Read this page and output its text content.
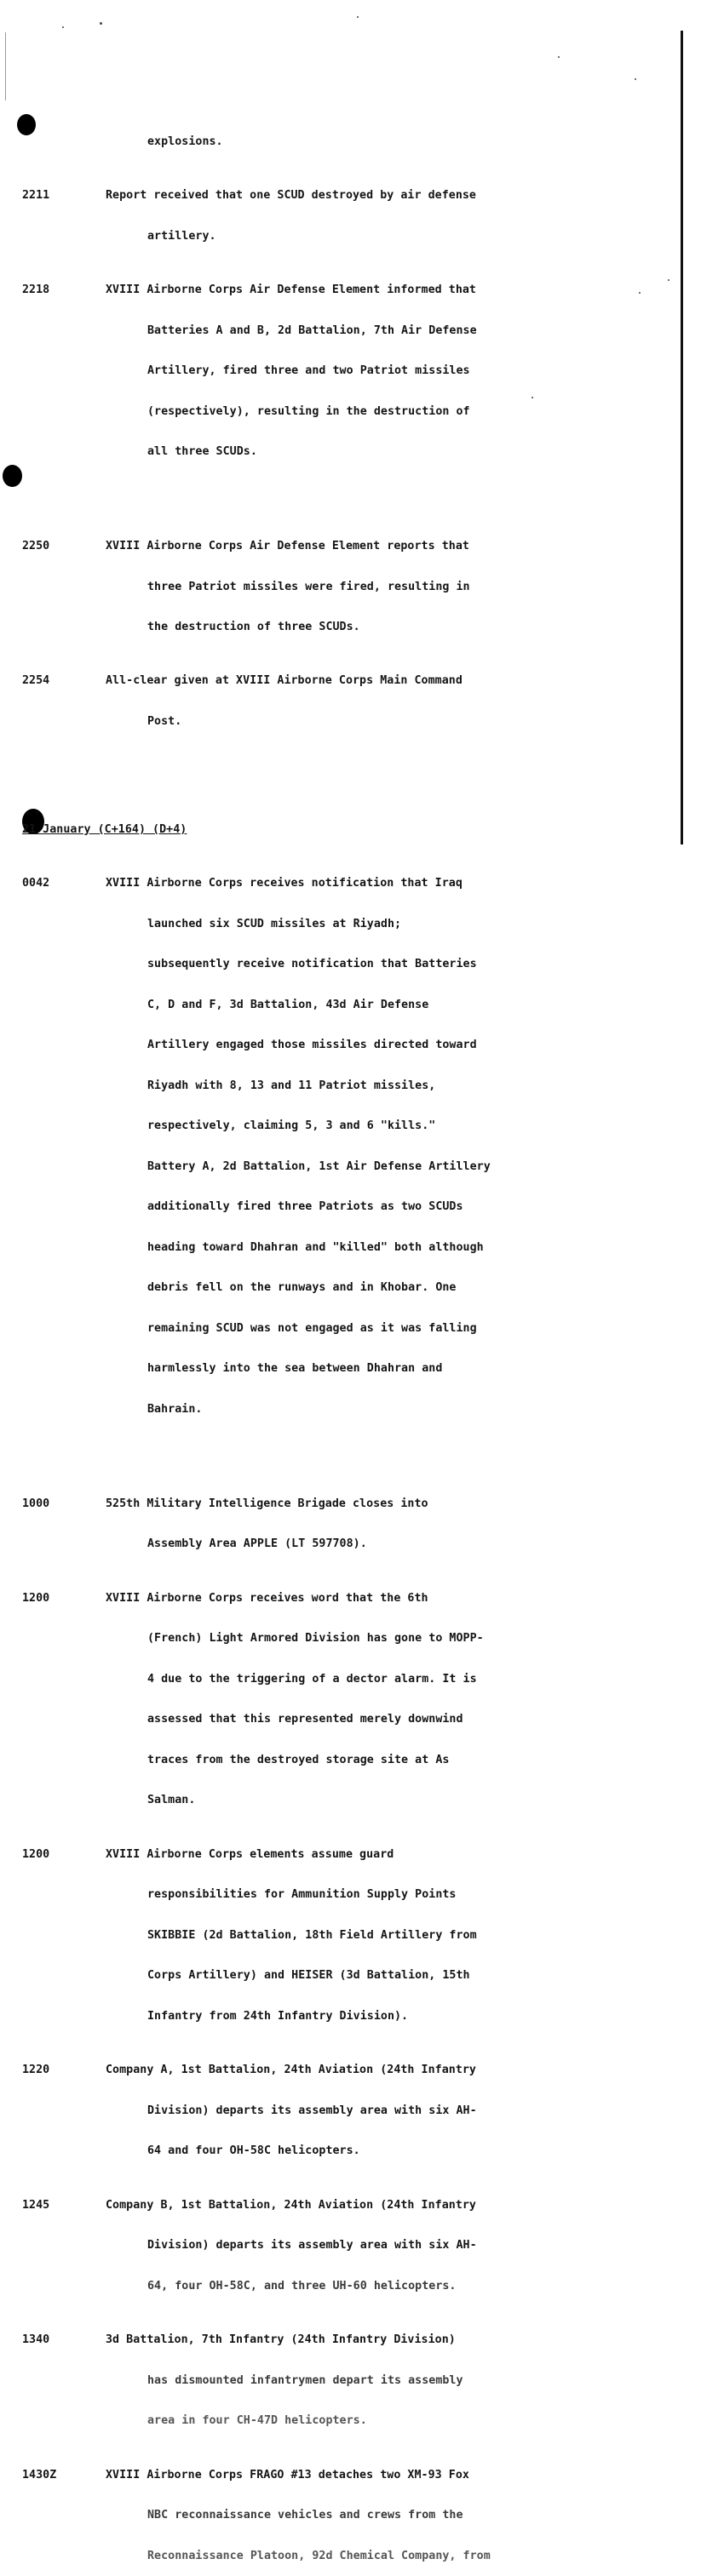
explosions.

2211	Report received that one SCUD destroyed by air defense

artillery.

2218	XVIII Airborne Corps Air Defense Element informed that

Batteries A and B, 2d Battalion, 7th Air Defense

Artillery, fired three and two Patriot missiles

(respectively), resulting in the destruction of

all three SCUDs.

2250	XVIII Airborne Corps Air Defense Element reports that

three Patriot missiles were fired, resulting in

the destruction of three SCUDs.

2254	All-clear given at XVIII Airborne Corps Main Command

Post.

21 January (C+164) (D+4)

0042	XVIII Airborne Corps receives notification that Iraq

launched six SCUD missiles at Riyadh;

subsequently receive notification that Batteries

C, D and F, 3d Battalion, 43d Air Defense

Artillery engaged those missiles directed toward

Riyadh with 8, 13 and 11 Patriot missiles,

respectively, claiming 5, 3 and 6 "kills."

Battery A, 2d Battalion, 1st Air Defense Artillery

additionally fired three Patriots as two SCUDs

heading toward Dhahran and "killed" both although

debris fell on the runways and in Khobar. One

remaining SCUD was not engaged as it was falling

harmlessly into the sea between Dhahran and

Bahrain.

1000	525th Military Intelligence Brigade closes into

Assembly Area APPLE (LT 597708).

1200	XVIII Airborne Corps receives word that the 6th

(French) Light Armored Division has gone to MOPP-

4 due to the triggering of a dector alarm. It is

assessed that this represented merely downwind

traces from the destroyed storage site at As

Salman.

1200	XVIII Airborne Corps elements assume guard

responsibilities for Ammunition Supply Points

SKIBBIE (2d Battalion, 18th Field Artillery from

Corps Artillery) and HEISER (3d Battalion, 15th

Infantry from 24th Infantry Division).

1220	Company A, 1st Battalion, 24th Aviation (24th Infantry

Division) departs its assembly area with six AH-

64 and four OH-58C helicopters.

1245	Company B, 1st Battalion, 24th Aviation (24th Infantry

Division) departs its assembly area with six AH-

64, four OH-58C, and three UH-60 helicopters.

1340	3d Battalion, 7th Infantry (24th Infantry Division)

has dismounted infantrymen depart its assembly

area in four CH-47D helicopters.

1430Z	XVIII Airborne Corps FRAGO #13 detaches two XM-93 Fox

NBC reconnaissance vehicles and crews from the

Reconnaissance Platoon, 92d Chemical Company, from
